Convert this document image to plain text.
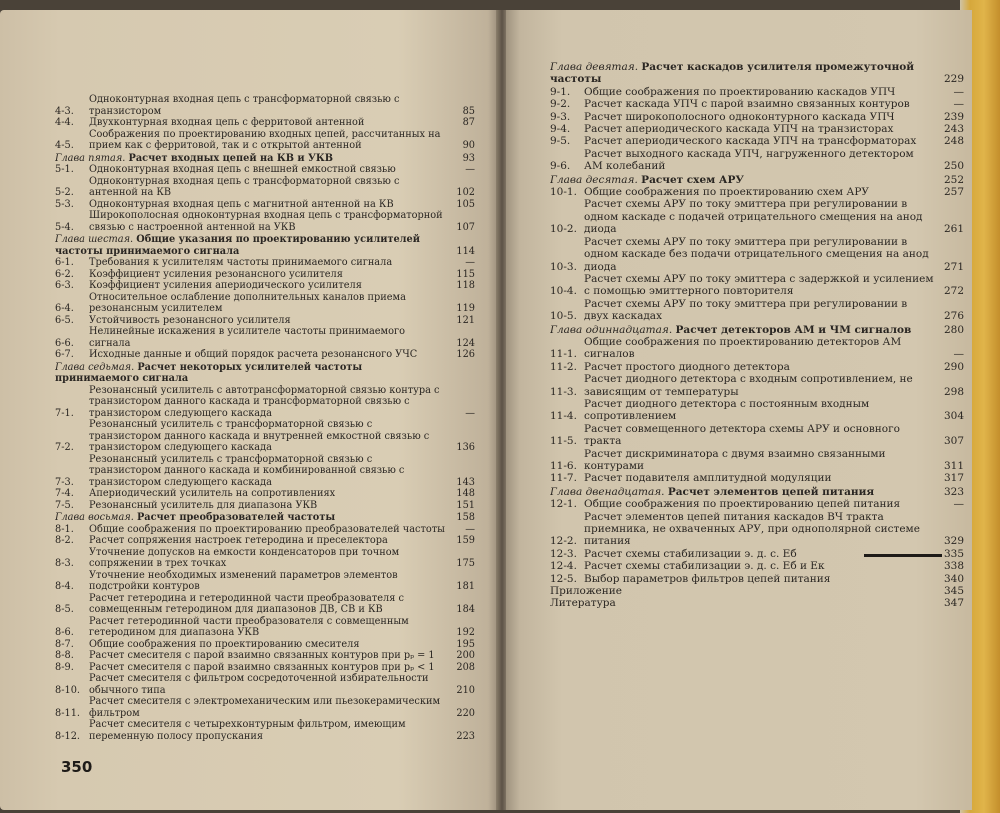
4-3.
Одноконтурная входная цепь с трансформаторной связью с транзистором	85
4-4.	Двухконтурная входная цепь с ферритовой антенной	87
4-5.
Соображения по проектированию входных цепей, рассчитанных на прием как с ферритовой, так и с открытой антенной	90
Глава пятая. Расчет входных цепей на КВ и УКВ	93
5-1.	Одноконтурная входная цепь с внешней емкостной связью	—
5-2.
Одноконтурная входная цепь с трансформаторной связью с антенной на КВ	102
5-3.	Одноконтурная входная цепь с магнитной антенной на КВ	105
5-4.
Широкополосная одноконтурная входная цепь с трансформаторной связью с настроенной антенной на УКВ	107
Глава шестая. Общие указания по проектированию усилителей частоты принимаемого сигнала	114
6-1.	Требования к усилителям частоты принимаемого сигнала	—
6-2.	Коэффициент усиления резонансного усилителя	115
6-3.	Коэффициент усиления апериодического усилителя	118
6-4.
Относительное ослабление дополнительных каналов приема резонансным усилителем	119
6-5.	Устойчивость резонансного усилителя	121
6-6.
Нелинейные искажения в усилителе частоты принимаемого сигнала	124
6-7.	Исходные данные и общий порядок расчета резонансного УЧС	126
Глава седьмая. Расчет некоторых усилителей частоты принимаемого сигнала
7-1.
Резонансный усилитель с автотрансформаторной связью контура с транзистором данного каскада и трансформаторной связью с транзистором следующего каскада	—
7-2.
Резонансный усилитель с трансформаторной связью с транзистором данного каскада и внутренней емкостной связью с транзистором следующего каскада	136
7-3.
Резонансный усилитель с трансформаторной связью с транзистором данного каскада и комбинированной связью с транзистором следующего каскада	143
7-4.	Апериодический усилитель на сопротивлениях	148
7-5.	Резонансный усилитель для диапазона УКВ	151
Глава восьмая. Расчет преобразователей частоты	158
8-1.	Общие соображения по проектированию преобразователей частоты	—
8-2.	Расчет сопряжения настроек гетеродина и преселектора	159
8-3.
Уточнение допусков на емкости конденсаторов при точном сопряжении в трех точках	175
8-4.
Уточнение необходимых изменений параметров элементов подстройки контуров	181
8-5.
Расчет гетеродина и гетеродинной части преобразователя с совмещенным гетеродином для диапазонов ДВ, СВ и КВ	184
8-6.
Расчет гетеродинной части преобразователя с совмещенным гетеродином для диапазона УКВ	192
8-7.	Общие соображения по проектированию смесителя	195
8-8.	Расчет смесителя с парой взаимно связанных контуров при pₚ = 1	200
8-9.	Расчет смесителя с парой взаимно связанных контуров при pₚ < 1	208
8-10.
Расчет смесителя с фильтром сосредоточенной избирательности обычного типа	210
8-11.
Расчет смесителя с электромеханическим или пьезокерамическим фильтром	220
8-12.
Расчет смесителя с четырехконтурным фильтром, имеющим переменную полосу пропускания	223
350
Глава девятая. Расчет каскадов усилителя промежуточной частоты	229
9-1.	Общие соображения по проектированию каскадов УПЧ	—
9-2.	Расчет каскада УПЧ с парой взаимно связанных контуров	—
9-3.	Расчет широкополосного одноконтурного каскада УПЧ	239
9-4.	Расчет апериодического каскада УПЧ на транзисторах	243
9-5.	Расчет апериодического каскада УПЧ на трансформаторах	248
9-6.
Расчет выходного каскада УПЧ, нагруженного детектором АМ колебаний	250
Глава десятая. Расчет схем АРУ	252
10-1. Общие соображения по проектированию схем АРУ	257
10-2.
Расчет схемы АРУ по току эмиттера при регулировании в одном каскаде с подачей отрицательного смещения на анод диода	261
10-3.
Расчет схемы АРУ по току эмиттера при регулировании в одном каскаде без подачи отрицательного смещения на анод диода	271
10-4.
Расчет схемы АРУ по току эмиттера с задержкой и усилением с помощью эмиттерного повторителя	272
10-5.
Расчет схемы АРУ по току эмиттера при регулировании в двух каскадах	276
Глава одиннадцатая. Расчет детекторов АМ и ЧМ сигналов	280
11-1.
Общие соображения по проектированию детекторов АМ сигналов	—
11-2. Расчет простого диодного детектора	290
11-3.
Расчет диодного детектора с входным сопротивлением, не зависящим от температуры	298
11-4.
Расчет диодного детектора с постоянным входным сопротивлением	304
11-5.
Расчет совмещенного детектора схемы АРУ и основного тракта	307
11-6.
Расчет дискриминатора с двумя взаимно связанными контурами	311
11-7. Расчет подавителя амплитудной модуляции	317
Глава двенадцатая. Расчет элементов цепей питания	323
12-1. Общие соображения по проектированию цепей питания	—
12-2.
Расчет элементов цепей питания каскадов ВЧ тракта приемника, не охваченных АРУ, при однополярной системе питания	329
12-3. Расчет схемы стабилизации э. д. с. Eб	335
12-4. Расчет схемы стабилизации э. д. с. Eб и Eк	338
12-5. Выбор параметров фильтров цепей питания	340
Приложение	345
Литература	347
